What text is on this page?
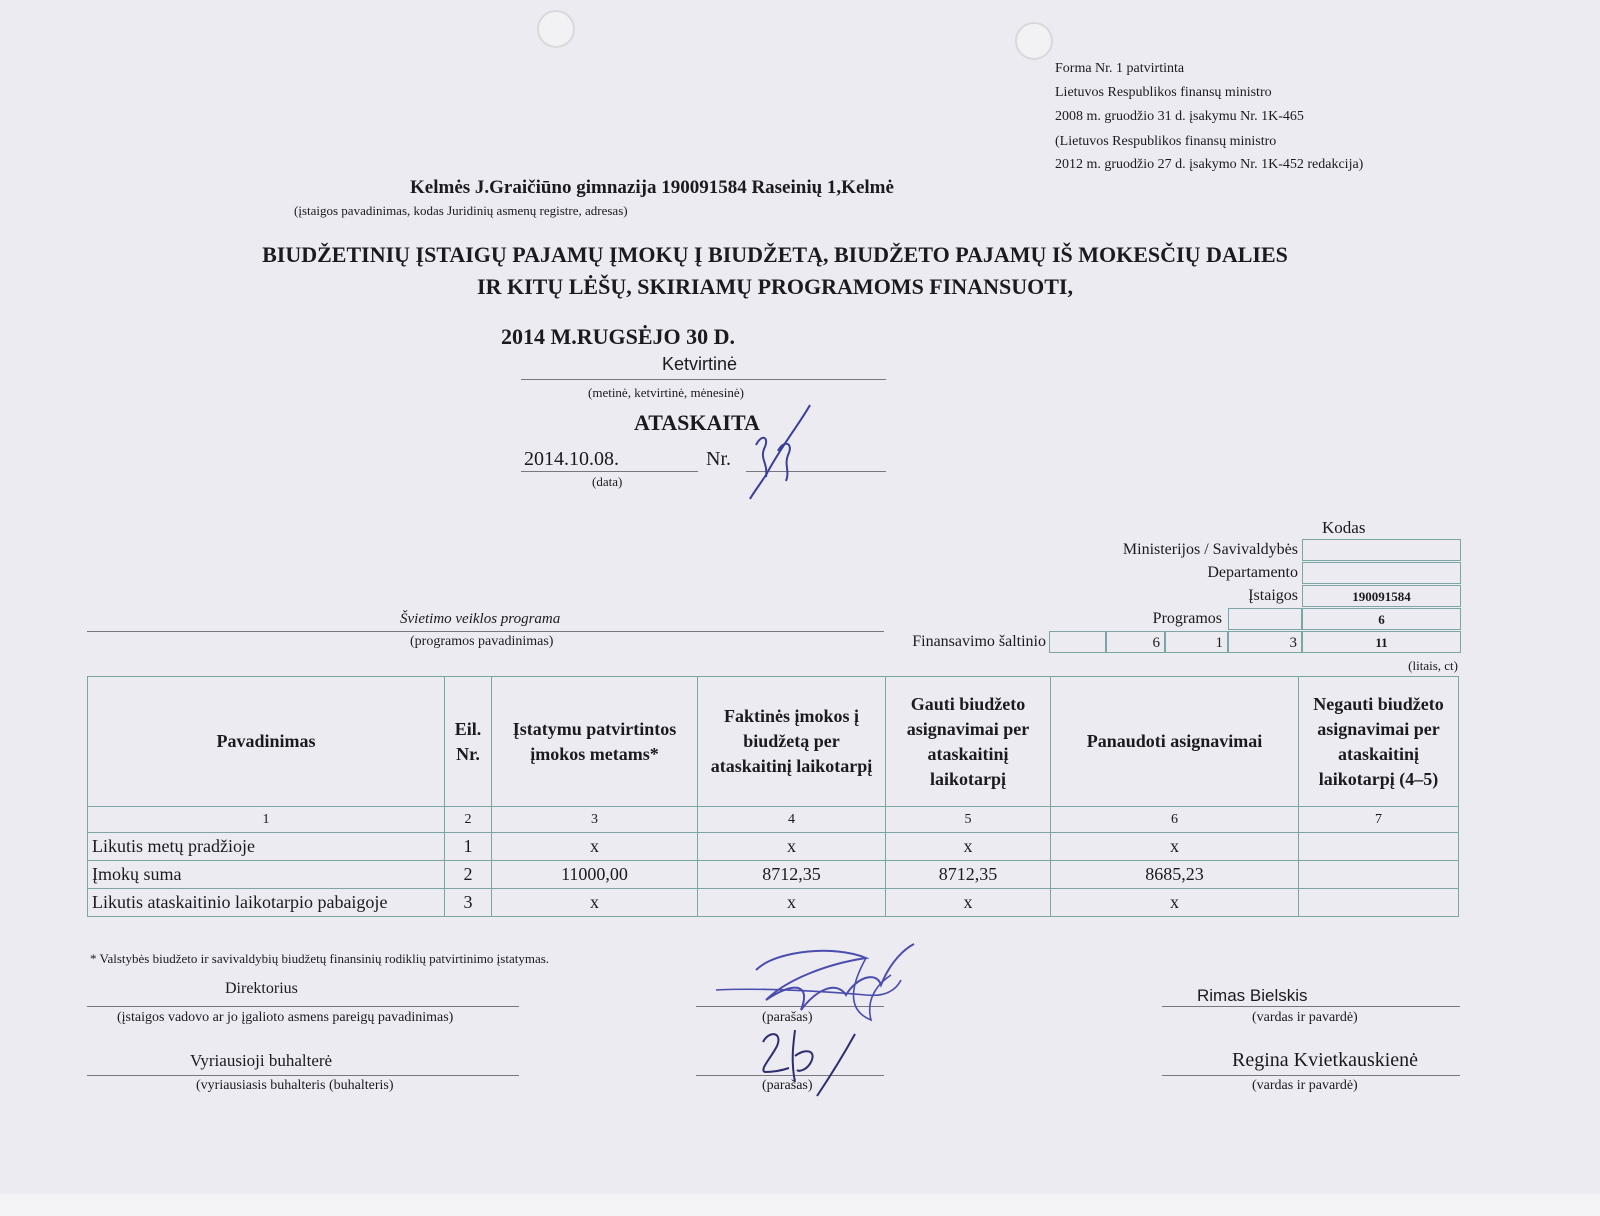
Forma Nr. 1 patvirtinta
Lietuvos Respublikos finansų ministro
2008 m. gruodžio 31 d. įsakymu Nr. 1K-465
(Lietuvos Respublikos finansų ministro
2012 m. gruodžio 27 d. įsakymo Nr. 1K-452 redakcija)
Kelmės J.Graičiūno gimnazija 190091584 Raseinių 1,Kelmė
(įstaigos pavadinimas, kodas Juridinių asmenų registre, adresas)
BIUDŽETINIŲ ĮSTAIGŲ PAJAMŲ ĮMOKŲ Į BIUDŽETĄ, BIUDŽETO PAJAMŲ IŠ MOKESČIŲ DALIES
IR KITŲ LĖŠŲ, SKIRIAMŲ PROGRAMOMS FINANSUOTI,
2014 M.RUGSĖJO 30 D.
Ketvirtinė
(metinė, ketvirtinė, mėnesinė)
ATASKAITA
2014.10.08.	Nr.
(data)
Kodas
Ministerijos / Savivaldybės
Departamento
Įstaigos	190091584
Programos	6
Finansavimo šaltinio	6	1	3	11
(litais, ct)
Švietimo veiklos programa
(programos pavadinimas)
Pavadinimas	Eil. Nr.	Įstatymu patvirtintos įmokos metams*	Faktinės įmokos į biudžetą per ataskaitinį laikotarpį	Gauti biudžeto asignavimai per ataskaitinį laikotarpį	Panaudoti asignavimai	Negauti biudžeto asignavimai per ataskaitinį laikotarpį (4–5)
1	2	3	4	5	6	7
Likutis metų pradžioje	1	x	x	x	x	
Įmokų suma	2	11000,00	8712,35	8712,35	8685,23	
Likutis ataskaitinio laikotarpio pabaigoje	3	x	x	x	x	
* Valstybės biudžeto ir savivaldybių biudžetų finansinių rodiklių patvirtinimo įstatymas.
Direktorius
(įstaigos vadovo ar jo įgalioto asmens pareigų pavadinimas)	(parašas)
Rimas Bielskis
(vardas ir pavardė)
Vyriausioji buhalterė
(vyriausiasis buhalteris (buhalteris)	(parašas)
Regina Kvietkauskienė
(vardas ir pavardė)
